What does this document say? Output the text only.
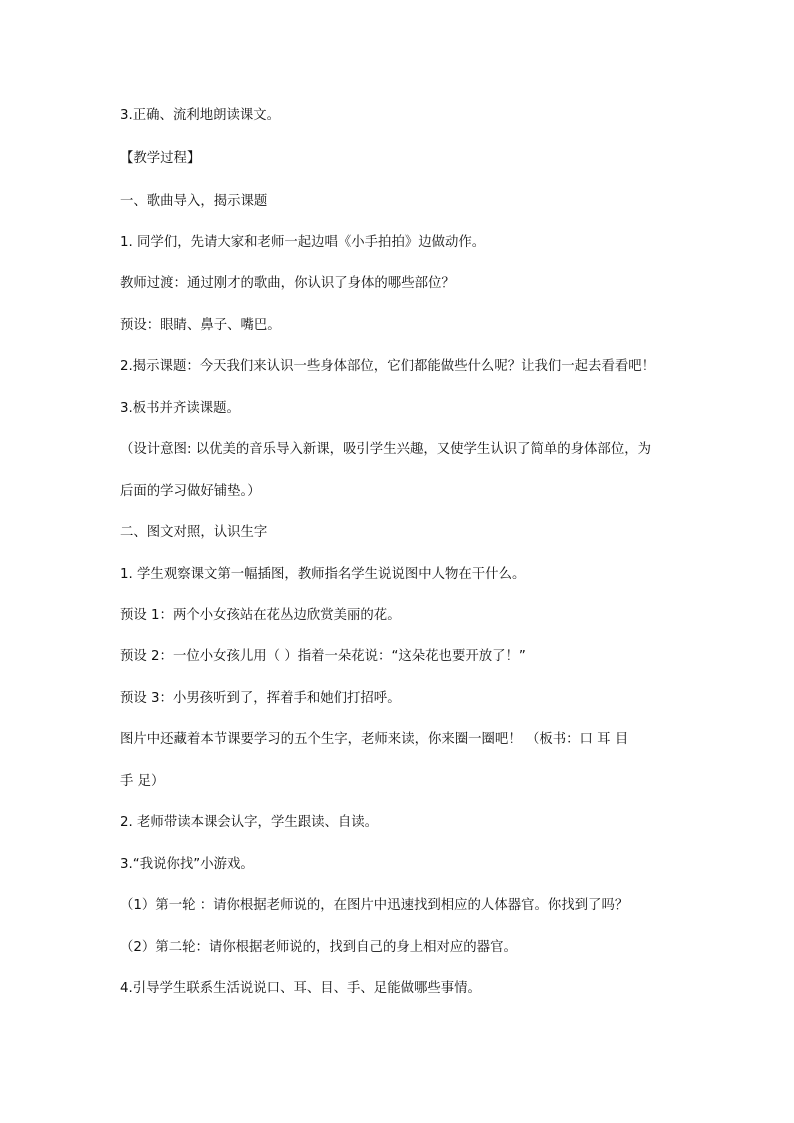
3.正确、流利地朗读课文。

【教学过程】

一、歌曲导入，揭示课题

1. 同学们，先请大家和老师一起边唱《小手拍拍》边做动作。

教师过渡：通过刚才的歌曲，你认识了身体的哪些部位？

预设：眼睛、鼻子、嘴巴。

2.揭示课题：今天我们来认识一些身体部位，它们都能做些什么呢？让我们一起去看看吧！

3.板书并齐读课题。

（设计意图: 以优美的音乐导入新课，吸引学生兴趣，又使学生认识了简单的身体部位，为

后面的学习做好铺垫。）

二、图文对照，认识生字

1. 学生观察课文第一幅插图，教师指名学生说说图中人物在干什么。

预设 1：两个小女孩站在花丛边欣赏美丽的花。

预设 2：一位小女孩儿用（ ）指着一朵花说：“这朵花也要开放了！”

预设 3：小男孩听到了，挥着手和她们打招呼。

图片中还藏着本节课要学习的五个生字，老师来读，你来圈一圈吧！ （板书：口 耳 目

手 足）

2. 老师带读本课会认字，学生跟读、自读。

3.“我说你找”小游戏。

（1）第一轮 ：请你根据老师说的，在图片中迅速找到相应的人体器官。你找到了吗？

（2）第二轮：请你根据老师说的，找到自己的身上相对应的器官。

4.引导学生联系生活说说口、耳、目、手、足能做哪些事情。
